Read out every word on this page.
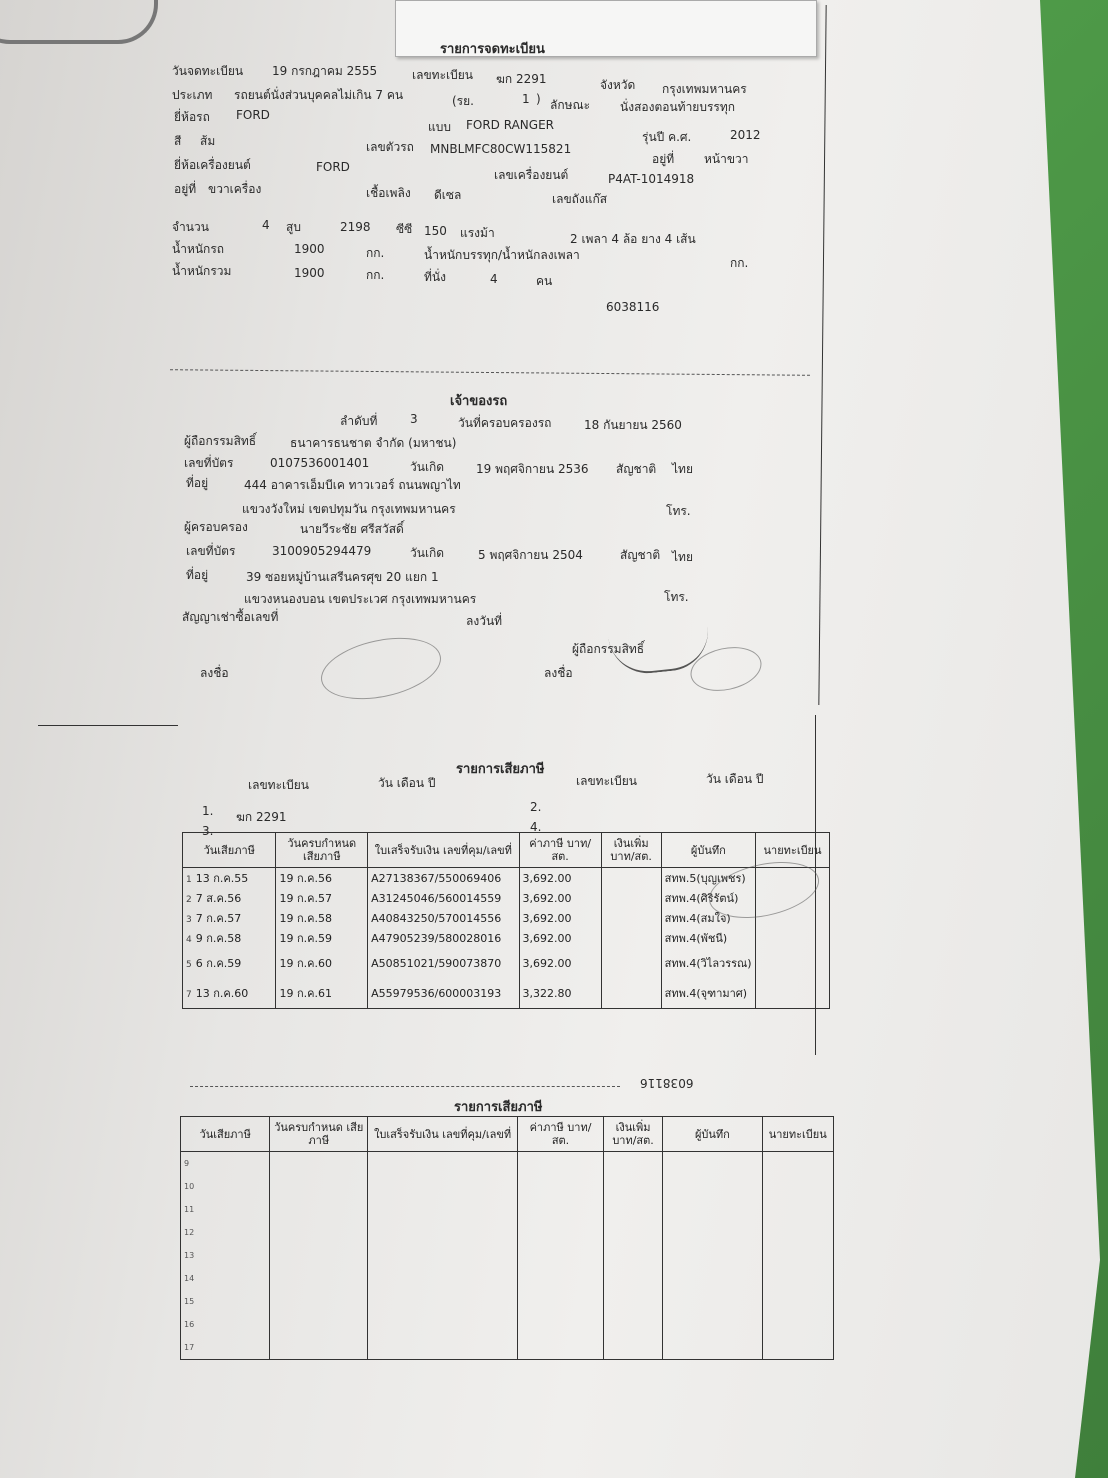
รายการจดทะเบียน
วันจดทะเบียน 19 กรกฎาคม 2555	เลขทะเบียน ฆก 2291	จังหวัด กรุงเทพมหานคร
ประเภท รถยนต์นั่งส่วนบุคคลไม่เกิน 7 คน	(รย.	1 ) ลักษณะ นั่งสองตอนท้ายบรรทุก
ยี่ห้อรถ FORD
แบบ FORD RANGER
รุ่นปี ค.ศ.	2012
สี ส้ม	เลขตัวรถ MNBLMFC80CW115821
อยู่ที่ หน้าขวา
ยี่ห้อเครื่องยนต์	FORD
เลขเครื่องยนต์	P4AT-1014918
อยู่ที่ ขวาเครื่อง	เชื้อเพลิง ดีเซล	เลขถังแก๊ส
จำนวน	4 สูบ	2198 ซีซี 150 แรงม้า	2 เพลา 4 ล้อ ยาง 4 เส้น
น้ำหนักรถ	1900	กก.	น้ำหนักบรรทุก/น้ำหนักลงเพลา
กก.
น้ำหนักรวม	1900	กก.	ที่นั่ง	4	คน
6038116
เจ้าของรถ
ลำดับที่	3	วันที่ครอบครองรถ	18 กันยายน 2560
ผู้ถือกรรมสิทธิ์	ธนาคารธนชาต จำกัด (มหาชน)
เลขที่บัตร	0107536001401	วันเกิด	19 พฤศจิกายน 2536 สัญชาติ ไทย
ที่อยู่	444 อาคารเอ็มบีเค ทาวเวอร์ ถนนพญาไท
แขวงวังใหม่ เขตปทุมวัน กรุงเทพมหานคร	โทร.
ผู้ครอบครอง	นายวีระชัย ศรีสวัสดิ์
เลขที่บัตร	3100905294479	วันเกิด	5 พฤศจิกายน 2504	สัญชาติ ไทย
ที่อยู่	39 ซอยหมู่บ้านเสรีนครศุข 20 แยก 1
แขวงหนองบอน เขตประเวศ กรุงเทพมหานคร	โทร.
สัญญาเช่าซื้อเลขที่	ลงวันที่
ลงชื่อ	ลงชื่อ
ผู้ถือกรรมสิทธิ์
รายการเสียภาษี
เลขทะเบียน	วัน เดือน ปี	เลขทะเบียน	วัน เดือน ปี
1. ฆก 2291
2.
3.	4.
วันเสียภาษี	วันครบกำหนด เสียภาษี	ใบเสร็จรับเงิน เลขที่คุม/เลขที่	ค่าภาษี บาท/สต.	เงินเพิ่ม บาท/สต.	ผู้บันทึก	นายทะเบียน
1 13 ก.ค.55	19 ก.ค.56	A27138367/550069406	3,692.00		สทพ.5(บุญเพชร)	
2 7 ส.ค.56	19 ก.ค.57	A31245046/560014559	3,692.00		สทพ.4(ศิริรัตน์)	
3 7 ก.ค.57	19 ก.ค.58	A40843250/570014556	3,692.00		สทพ.4(สมใจ)	
4 9 ก.ค.58	19 ก.ค.59	A47905239/580028016	3,692.00		สทพ.4(พัชนี)	
5 6 ก.ค.59	19 ก.ค.60	A50851021/590073870	3,692.00		สทพ.4(วิไลวรรณ)	
7 13 ก.ค.60	19 ก.ค.61	A55979536/600003193	3,322.80		สทพ.4(จุฑามาศ)	
6038116
รายการเสียภาษี
วันเสียภาษี	วันครบกำหนด เสียภาษี	ใบเสร็จรับเงิน เลขที่คุม/เลขที่	ค่าภาษี บาท/สต.	เงินเพิ่ม บาท/สต.	ผู้บันทึก	นายทะเบียน
9						
10						
11						
12						
13						
14						
15						
16						
17						
